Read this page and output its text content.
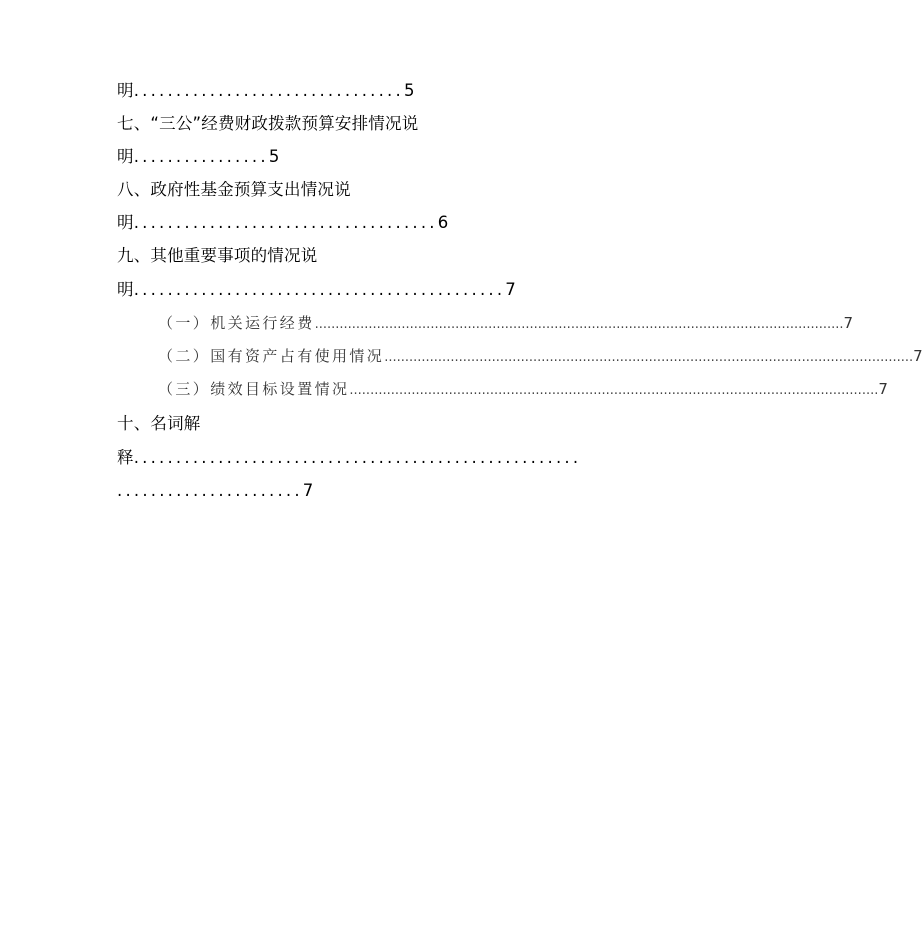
明................................5
七、“三公”经费财政拨款预算安排情况说
明................5
八、政府性基金预算支出情况说
明....................................6
九、其他重要事项的情况说
明............................................7
（一）机关运行经费 ................................................................................................................................ 7
（二）国有资产占有使用情况 ................................................................................................................................ 7
（三）绩效目标设置情况 ................................................................................................................................ 7
十、名词解
释.....................................................
......................7
